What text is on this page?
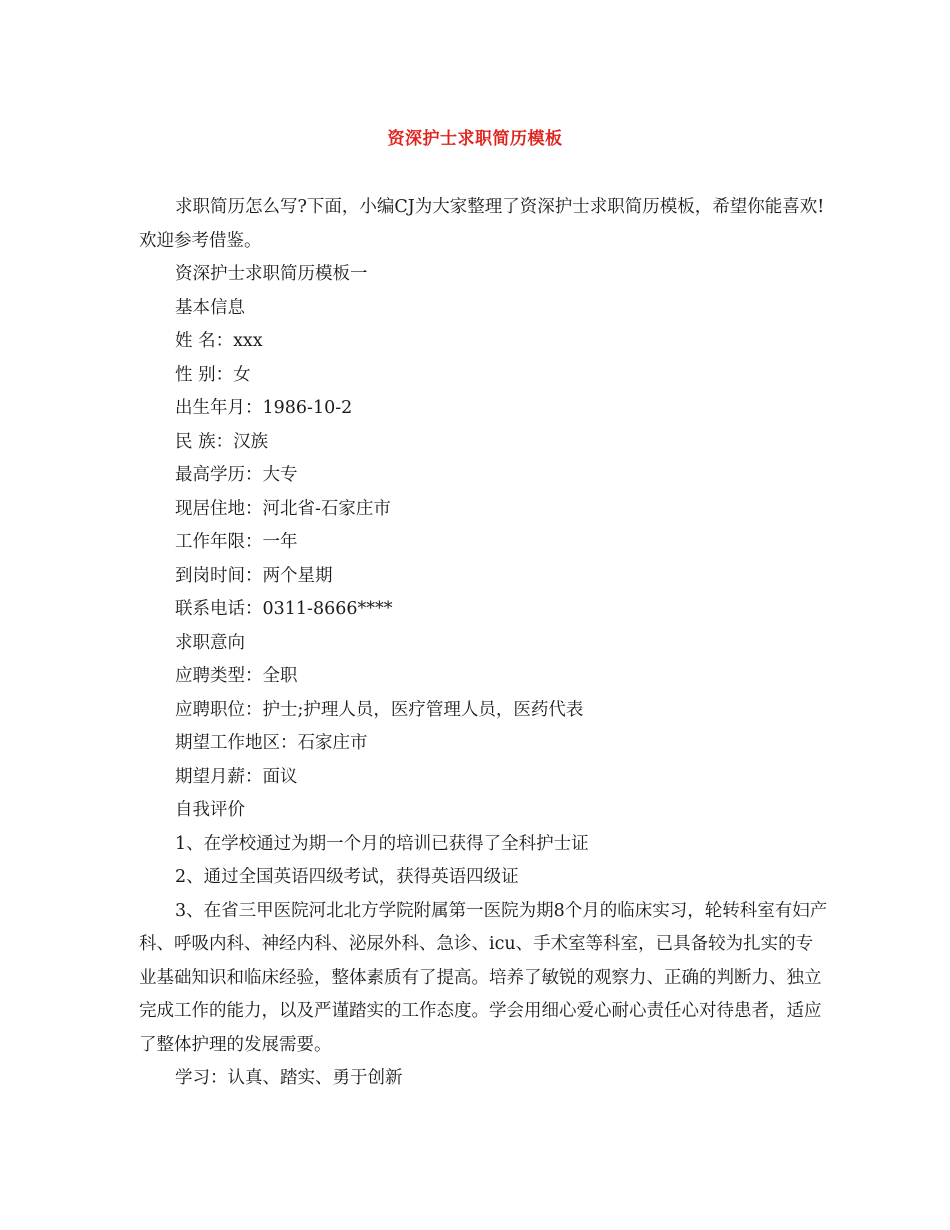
资深护士求职简历模板

求职简历怎么写?下面，小编CJ为大家整理了资深护士求职简历模板，希望你能喜欢!欢迎参考借鉴。

资深护士求职简历模板一

基本信息

姓 名：xxx

性 别：女

出生年月：1986-10-2

民 族：汉族

最高学历：大专

现居住地：河北省-石家庄市

工作年限：一年

到岗时间：两个星期

联系电话：0311-8666****

求职意向

应聘类型：全职

应聘职位：护士;护理人员，医疗管理人员，医药代表

期望工作地区：石家庄市

期望月薪：面议

自我评价

1、在学校通过为期一个月的培训已获得了全科护士证

2、通过全国英语四级考试，获得英语四级证

3、在省三甲医院河北北方学院附属第一医院为期8个月的临床实习，轮转科室有妇产科、呼吸内科、神经内科、泌尿外科、急诊、icu、手术室等科室，已具备较为扎实的专业基础知识和临床经验，整体素质有了提高。培养了敏锐的观察力、正确的判断力、独立完成工作的能力，以及严谨踏实的工作态度。学会用细心爱心耐心责任心对待患者，适应了整体护理的发展需要。

学习：认真、踏实、勇于创新
